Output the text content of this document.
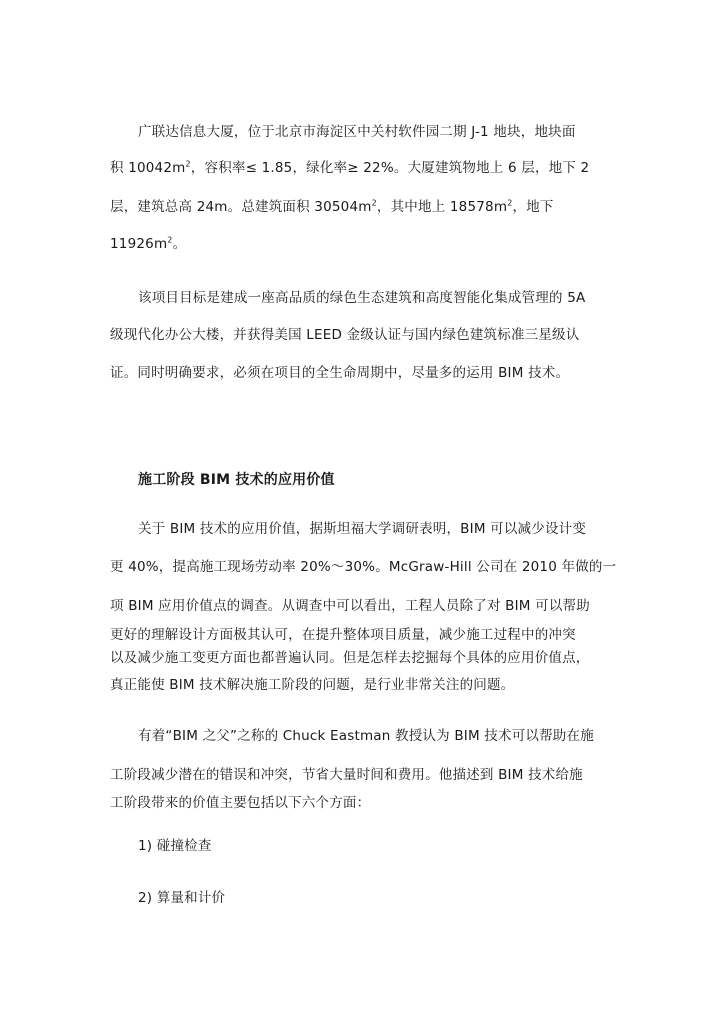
广联达信息大厦，位于北京市海淀区中关村软件园二期 J-1 地块，地块面
积 $10042m^2$，容积率≤ 1.85，绿化率≥ 22%。大厦建筑物地上 6 层，地下 2
层，建筑总高 24m。总建筑面积 $30504m^2$，其中地上 $18578m^2$，地下
$11926m^2$。
该项目目标是建成一座高品质的绿色生态建筑和高度智能化集成管理的 5A
级现代化办公大楼，并获得美国 LEED 金级认证与国内绿色建筑标准三星级认
证。同时明确要求，必须在项目的全生命周期中，尽量多的运用 BIM 技术。
施工阶段 BIM 技术的应用价值
关于 BIM 技术的应用价值，据斯坦福大学调研表明，BIM 可以减少设计变
更 40%，提高施工现场劳动率 20%～30%。McGraw-Hill 公司在 2010 年做的一
项 BIM 应用价值点的调查。从调查中可以看出，工程人员除了对 BIM 可以帮助
更好的理解设计方面极其认可，在提升整体项目质量，减少施工过程中的冲突
以及减少施工变更方面也都普遍认同。但是怎样去挖掘每个具体的应用价值点，
真正能使 BIM 技术解决施工阶段的问题，是行业非常关注的问题。
有着“BIM 之父”之称的 Chuck Eastman 教授认为 BIM 技术可以帮助在施
工阶段减少潜在的错误和冲突，节省大量时间和费用。他描述到 BIM 技术给施
工阶段带来的价值主要包括以下六个方面：
1) 碰撞检查
2) 算量和计价
